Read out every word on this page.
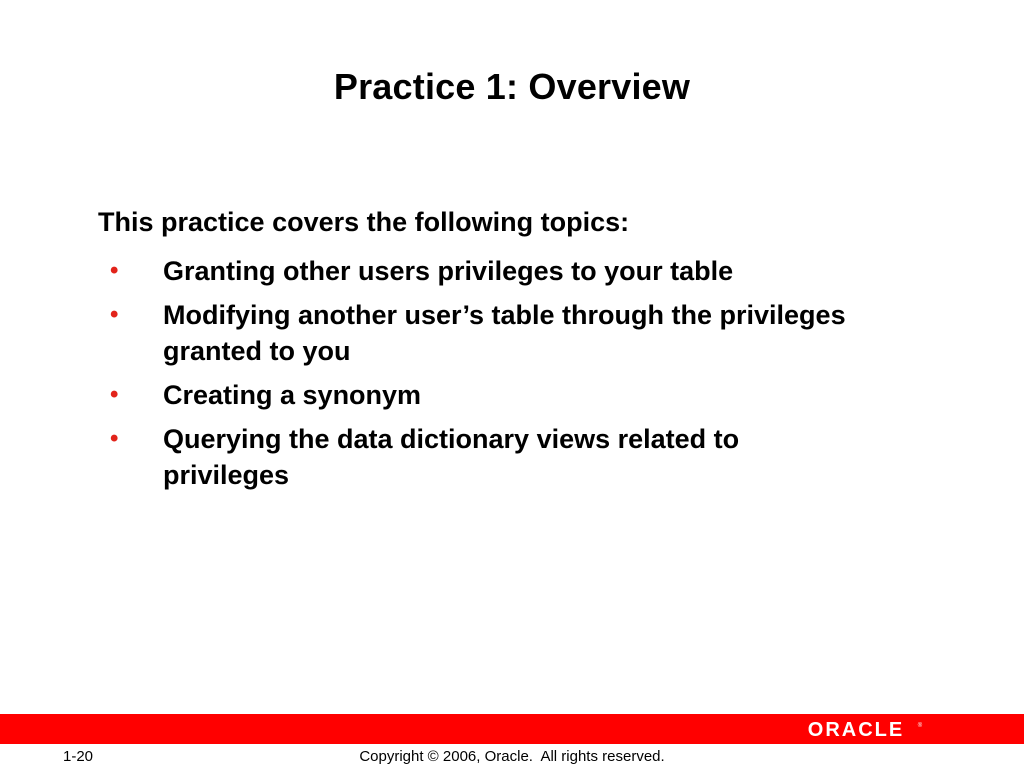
Practice 1: Overview
This practice covers the following topics:
• Granting other users privileges to your table
• Modifying another user’s table through the privileges granted to you
• Creating a synonym
• Querying the data dictionary views related to privileges
ORACLE ®
1-20	Copyright © 2006, Oracle.  All rights reserved.
